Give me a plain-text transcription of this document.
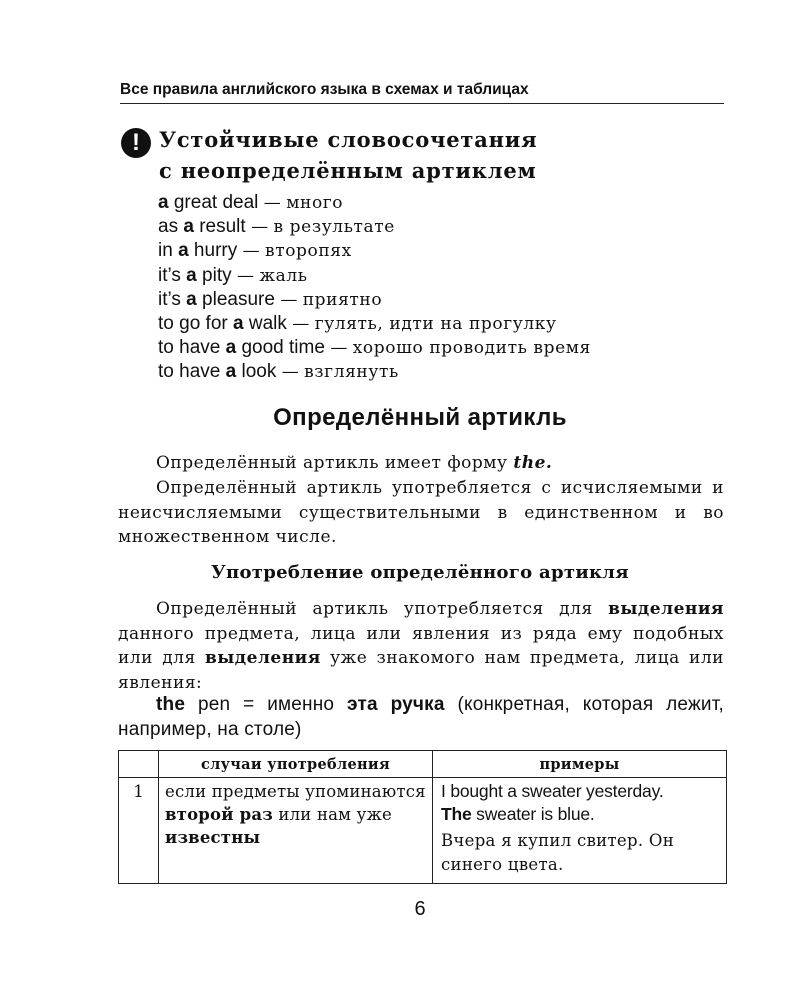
Все правила английского языка в схемах и таблицах
! Устойчивые словосочетания
с неопределённым артиклем
a great deal — много
as a result — в результате
in a hurry — второпях
it’s a pity — жаль
it’s a pleasure — приятно
to go for a walk — гулять, идти на прогулку
to have a good time — хорошо проводить время
to have a look — взглянуть
Определённый артикль
Определённый артикль имеет форму the.
Определённый артикль употребляется с исчисляемыми и неисчисляемыми существительными в единственном и во множественном числе.
Употребление определённого артикля
Определённый артикль употребляется для выделения данного предмета, лица или явления из ряда ему подобных или для выделения уже знакомого нам предмета, лица или явления:
the pen = именно эта ручка (конкретная, которая лежит, например, на столе)
	случаи употребления	примеры
1	если предметы упоминаются второй раз или нам уже известны	I bought a sweater yesterday.
The sweater is blue.
Вчера я купил свитер. Он синего цвета.
6
